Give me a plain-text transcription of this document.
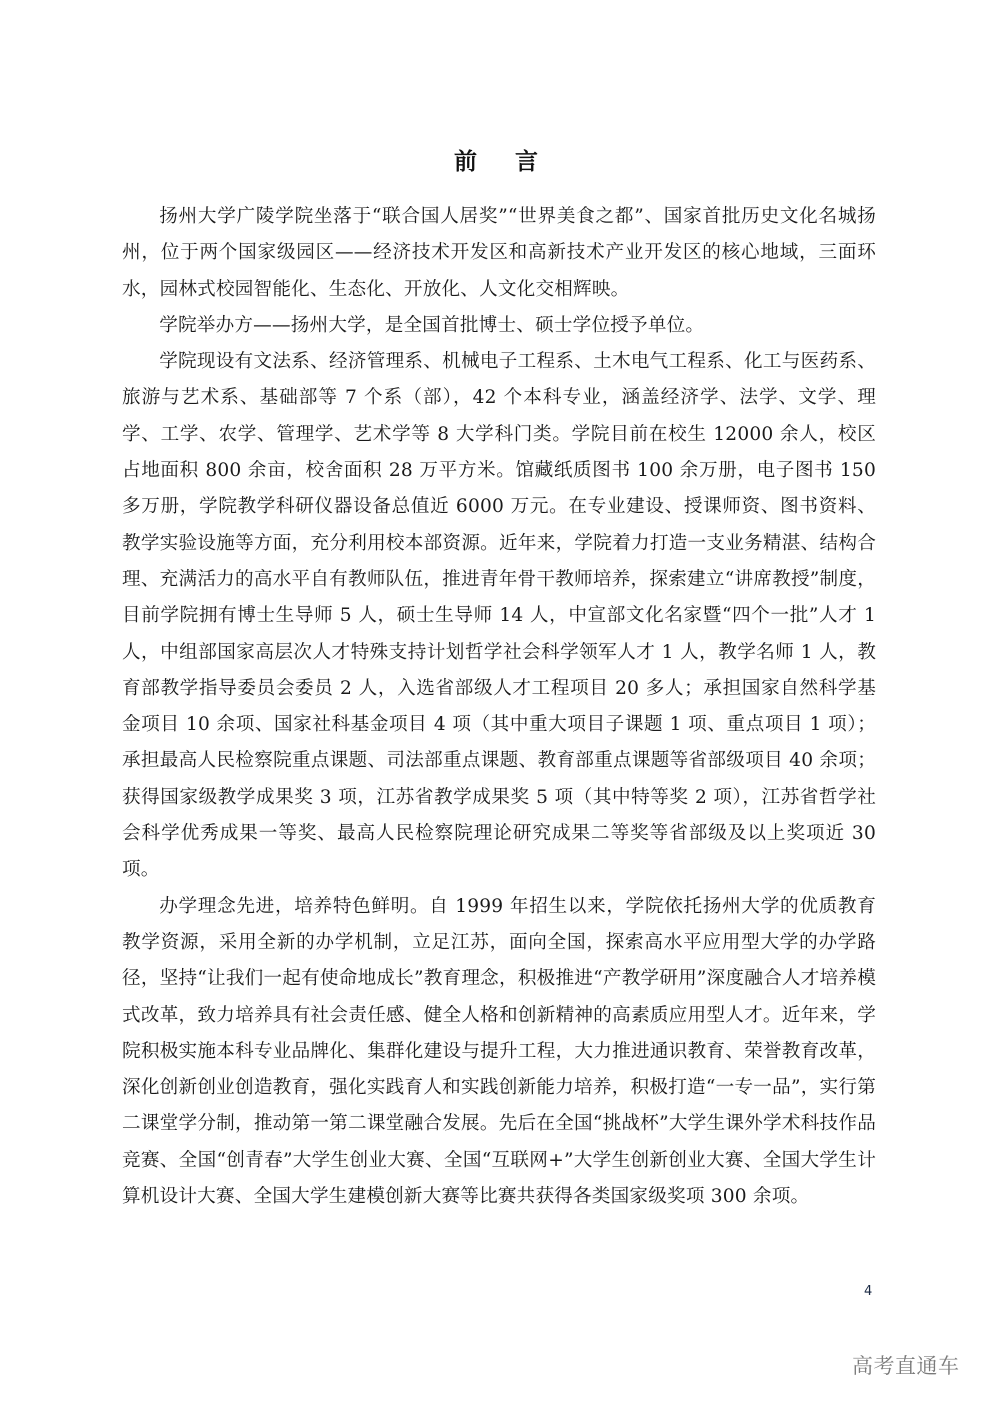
前言

扬州大学广陵学院坐落于“联合国人居奖”“世界美食之都”、国家首批历史文化名城扬州，位于两个国家级园区——经济技术开发区和高新技术产业开发区的核心地域，三面环水，园林式校园智能化、生态化、开放化、人文化交相辉映。

学院举办方——扬州大学，是全国首批博士、硕士学位授予单位。

学院现设有文法系、经济管理系、机械电子工程系、土木电气工程系、化工与医药系、旅游与艺术系、基础部等 7 个系（部），42 个本科专业，涵盖经济学、法学、文学、理学、工学、农学、管理学、艺术学等 8 大学科门类。学院目前在校生 12000 余人，校区占地面积 800 余亩，校舍面积 28 万平方米。馆藏纸质图书 100 余万册，电子图书 150 多万册，学院教学科研仪器设备总值近 6000 万元。在专业建设、授课师资、图书资料、教学实验设施等方面，充分利用校本部资源。近年来，学院着力打造一支业务精湛、结构合理、充满活力的高水平自有教师队伍，推进青年骨干教师培养，探索建立“讲席教授”制度，目前学院拥有博士生导师 5 人，硕士生导师 14 人，中宣部文化名家暨“四个一批”人才 1 人，中组部国家高层次人才特殊支持计划哲学社会科学领军人才 1 人，教学名师 1 人，教育部教学指导委员会委员 2 人，入选省部级人才工程项目 20 多人；承担国家自然科学基金项目 10 余项、国家社科基金项目 4 项（其中重大项目子课题 1 项、重点项目 1 项）；承担最高人民检察院重点课题、司法部重点课题、教育部重点课题等省部级项目 40 余项；获得国家级教学成果奖 3 项，江苏省教学成果奖 5 项（其中特等奖 2 项），江苏省哲学社会科学优秀成果一等奖、最高人民检察院理论研究成果二等奖等省部级及以上奖项近 30 项。

办学理念先进，培养特色鲜明。自 1999 年招生以来，学院依托扬州大学的优质教育教学资源，采用全新的办学机制，立足江苏，面向全国，探索高水平应用型大学的办学路径，坚持“让我们一起有使命地成长”教育理念，积极推进“产教学研用”深度融合人才培养模式改革，致力培养具有社会责任感、健全人格和创新精神的高素质应用型人才。近年来，学院积极实施本科专业品牌化、集群化建设与提升工程，大力推进通识教育、荣誉教育改革，深化创新创业创造教育，强化实践育人和实践创新能力培养，积极打造“一专一品”，实行第二课堂学分制，推动第一第二课堂融合发展。先后在全国“挑战杯”大学生课外学术科技作品竞赛、全国“创青春”大学生创业大赛、全国“互联网+”大学生创新创业大赛、全国大学生计算机设计大赛、全国大学生建模创新大赛等比赛共获得各类国家级奖项 300 余项。

4
高考直通车
